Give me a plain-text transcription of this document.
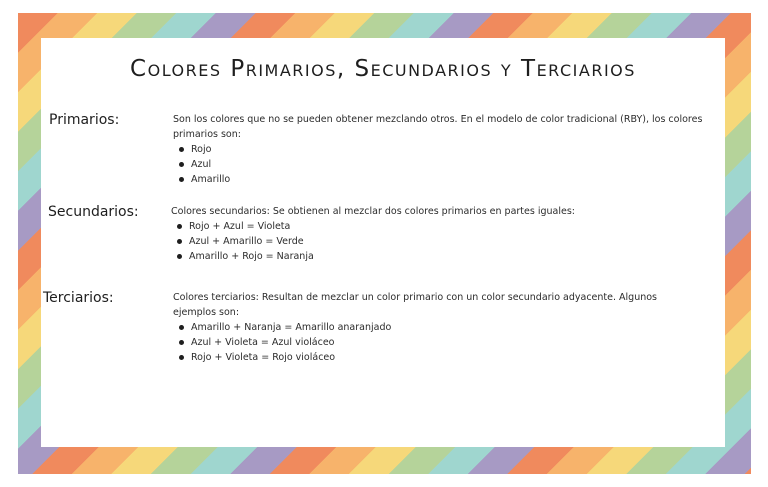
Colores Primarios, Secundarios y Terciarios
Primarios:	Son los colores que no se pueden obtener mezclando otros. En el modelo de color tradicional (RBY), los colores primarios son:
Rojo
Azul
Amarillo
Secundarios:	Colores secundarios: Se obtienen al mezclar dos colores primarios en partes iguales:
Rojo + Azul = Violeta
Azul + Amarillo = Verde
Amarillo + Rojo = Naranja
Terciarios:	Colores terciarios: Resultan de mezclar un color primario con un color secundario adyacente. Algunos ejemplos son:
Amarillo + Naranja = Amarillo anaranjado
Azul + Violeta = Azul violáceo
Rojo + Violeta = Rojo violáceo
